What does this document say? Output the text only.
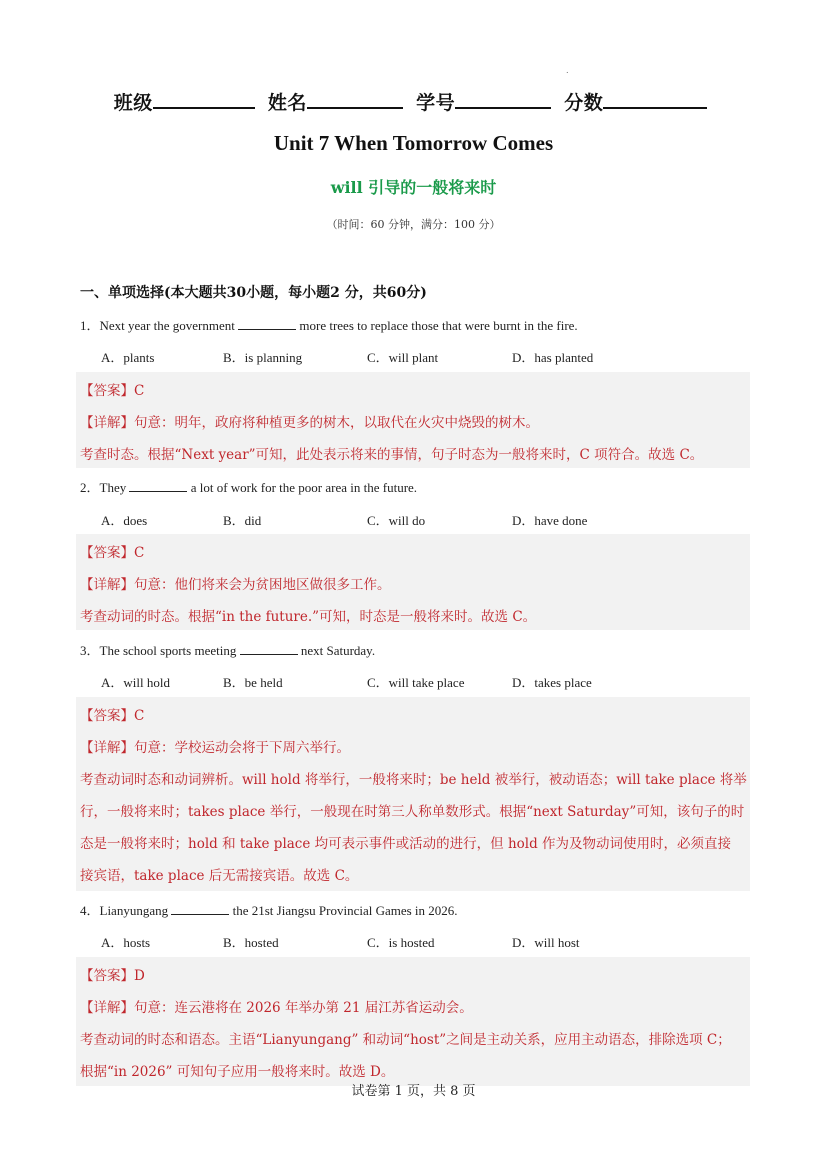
.
班级	姓名	学号	分数
Unit 7 When Tomorrow Comes
will 引导的一般将来时
（时间：60 分钟，满分：100 分）
一、单项选择(本大题共30小题，每小题2 分，共60分)
1．Next year the government	more trees to replace those that were burnt in the fire.
A．plants	B．is planning	C．will plant	D．has planted
【答案】C
【详解】句意：明年，政府将种植更多的树木，以取代在火灾中烧毁的树木。
考查时态。根据“Next year”可知，此处表示将来的事情，句子时态为一般将来时，C 项符合。故选 C。
2．They	a lot of work for the poor area in the future.
A．does	B．did	C．will do	D．have done
【答案】C
【详解】句意：他们将来会为贫困地区做很多工作。
考查动词的时态。根据“in the future.”可知，时态是一般将来时。故选 C。
3．The school sports meeting	next Saturday.
A．will hold	B．be held	C．will take place	D．takes place
【答案】C
【详解】句意：学校运动会将于下周六举行。
考查动词时态和动词辨析。will hold 将举行，一般将来时；be held 被举行，被动语态；will take place 将举
行，一般将来时；takes place 举行，一般现在时第三人称单数形式。根据“next Saturday”可知，该句子的时
态是一般将来时；hold 和 take place 均可表示事件或活动的进行，但 hold 作为及物动词使用时，必须直接
接宾语，take place 后无需接宾语。故选 C。
4．Lianyungang	the 21st Jiangsu Provincial Games in 2026.
A．hosts	B．hosted	C．is hosted	D．will host
【答案】D
【详解】句意：连云港将在 2026 年举办第 21 届江苏省运动会。
考查动词的时态和语态。主语“Lianyungang” 和动词“host”之间是主动关系，应用主动语态，排除选项 C；
根据“in 2026” 可知句子应用一般将来时。故选 D。
试卷第 1 页，共 8 页
